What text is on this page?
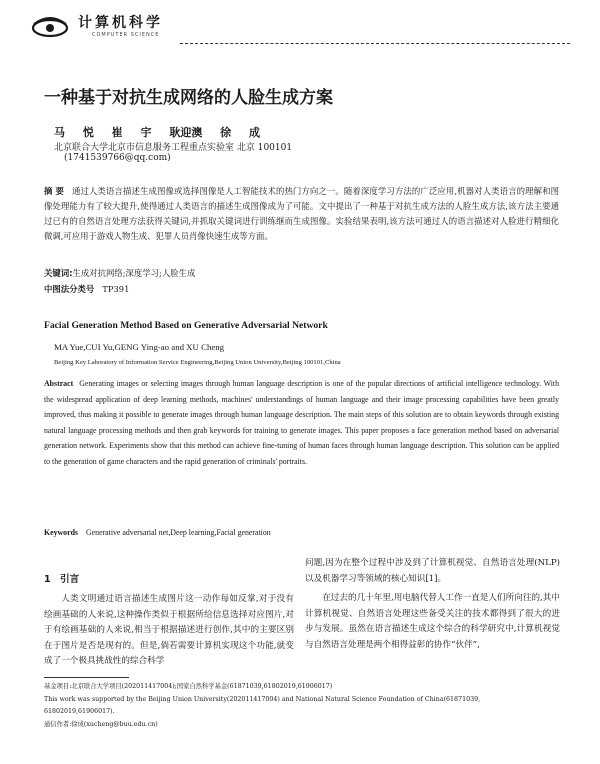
计算机科学
COMPUTER SCIENCE
一种基于对抗生成网络的人脸生成方案
马 悦 崔 宇 耿迎澳 徐 成
北京联合大学北京市信息服务工程重点实验室 北京 100101
(1741539766@qq.com)
摘 要 通过人类语言描述生成图像或选择图像是人工智能技术的热门方向之一。随着深度学习方法的广泛应用,机器对人类语言的理解和图像处理能力有了较大提升,使得通过人类语言的描述生成图像成为了可能。文中提出了一种基于对抗生成方法的人脸生成方法,该方法主要通过已有的自然语言处理方法获得关键词,并抓取关键词进行训练继而生成图像。实验结果表明,该方法可通过人的语言描述对人脸进行精细化微调,可应用于游戏人物生成、犯罪人员肖像快速生成等方面。
关键词:生成对抗网络;深度学习;人脸生成
中图法分类号 TP391
Facial Generation Method Based on Generative Adversarial Network
MA Yue,CUI Yu,GENG Ying-ao and XU Cheng
Beijing Key Laboratory of Information Service Engineering,Beijing Union University,Beijing 100101,China
Abstract Generating images or selecting images through human language description is one of the popular directions of artificial intelligence technology. With the widespread application of deep learning methods, machines' understandings of human language and their image processing capabilities have been greatly improved, thus making it possible to generate images through human language description. The main steps of this solution are to obtain keywords through existing natural language processing methods and then grab keywords for training to generate images. This paper proposes a face generation method based on adversarial generation network. Experiments show that this method can achieve fine-tuning of human faces through human language description. This solution can be applied to the generation of game characters and the rapid generation of criminals' portraits.
Keywords Generative adversarial net,Deep learning,Facial generation
1 引言

人类文明通过语言描述生成图片这一动作每如反掌,对于没有绘画基础的人来说,这种操作类似于根据所给信息选择对应图片,对于有绘画基础的人来说,相当于根据描述进行创作,其中的主要区别在于图片是否是现有的。但是,倘若需要计算机实现这个功能,就变成了一个极具挑战性的综合科学

问题,因为在整个过程中涉及到了计算机视觉、自然语言处理(NLP)以及机器学习等领域的核心知识[1]。

在过去的几十年里,用电脑代替人工作一直是人们所向往的,其中计算机视觉、自然语言处理这些备受关注的技术都得到了很大的进步与发展。虽然在语言描述生成这个综合的科学研究中,计算机视觉与自然语言处理是两个相得益彰的协作“伙伴”,

基金项目:北京联合大学项目(202011417004);国家自然科学基金(61871039,61802019,61906017)
This work was supported by the Beijing Union University(202011417004) and National Natural Science Foundation of China(61871039,
61802019,61906017).
通信作者:徐成(xucheng@buu.edu.cn)
